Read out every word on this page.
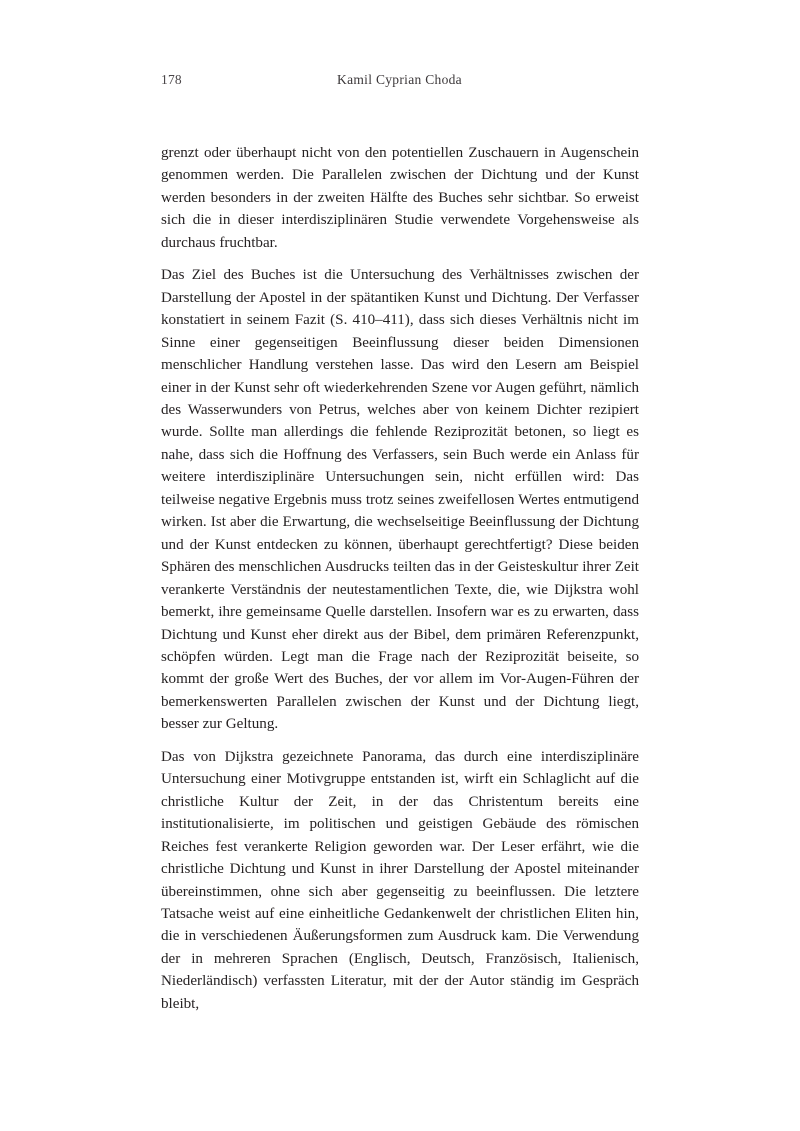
178	Kamil Cyprian Choda

grenzt oder überhaupt nicht von den potentiellen Zuschauern in Augenschein genommen werden. Die Parallelen zwischen der Dichtung und der Kunst werden besonders in der zweiten Hälfte des Buches sehr sichtbar. So erweist sich die in dieser interdisziplinären Studie verwendete Vorgehensweise als durchaus fruchtbar.

Das Ziel des Buches ist die Untersuchung des Verhältnisses zwischen der Darstellung der Apostel in der spätantiken Kunst und Dichtung. Der Verfasser konstatiert in seinem Fazit (S. 410–411), dass sich dieses Verhältnis nicht im Sinne einer gegenseitigen Beeinflussung dieser beiden Dimensionen menschlicher Handlung verstehen lasse. Das wird den Lesern am Beispiel einer in der Kunst sehr oft wiederkehrenden Szene vor Augen geführt, nämlich des Wasserwunders von Petrus, welches aber von keinem Dichter rezipiert wurde. Sollte man allerdings die fehlende Reziprozität betonen, so liegt es nahe, dass sich die Hoffnung des Verfassers, sein Buch werde ein Anlass für weitere interdisziplinäre Untersuchungen sein, nicht erfüllen wird: Das teilweise negative Ergebnis muss trotz seines zweifellosen Wertes entmutigend wirken. Ist aber die Erwartung, die wechselseitige Beeinflussung der Dichtung und der Kunst entdecken zu können, überhaupt gerechtfertigt? Diese beiden Sphären des menschlichen Ausdrucks teilten das in der Geisteskultur ihrer Zeit verankerte Verständnis der neutestamentlichen Texte, die, wie Dijkstra wohl bemerkt, ihre gemeinsame Quelle darstellen. Insofern war es zu erwarten, dass Dichtung und Kunst eher direkt aus der Bibel, dem primären Referenzpunkt, schöpfen würden. Legt man die Frage nach der Reziprozität beiseite, so kommt der große Wert des Buches, der vor allem im Vor-Augen-Führen der bemerkenswerten Parallelen zwischen der Kunst und der Dichtung liegt, besser zur Geltung.

Das von Dijkstra gezeichnete Panorama, das durch eine interdisziplinäre Untersuchung einer Motivgruppe entstanden ist, wirft ein Schlaglicht auf die christliche Kultur der Zeit, in der das Christentum bereits eine institutionalisierte, im politischen und geistigen Gebäude des römischen Reiches fest verankerte Religion geworden war. Der Leser erfährt, wie die christliche Dichtung und Kunst in ihrer Darstellung der Apostel miteinander übereinstimmen, ohne sich aber gegenseitig zu beeinflussen. Die letztere Tatsache weist auf eine einheitliche Gedankenwelt der christlichen Eliten hin, die in verschiedenen Äußerungsformen zum Ausdruck kam. Die Verwendung der in mehreren Sprachen (Englisch, Deutsch, Französisch, Italienisch, Niederländisch) verfassten Literatur, mit der der Autor ständig im Gespräch bleibt,
